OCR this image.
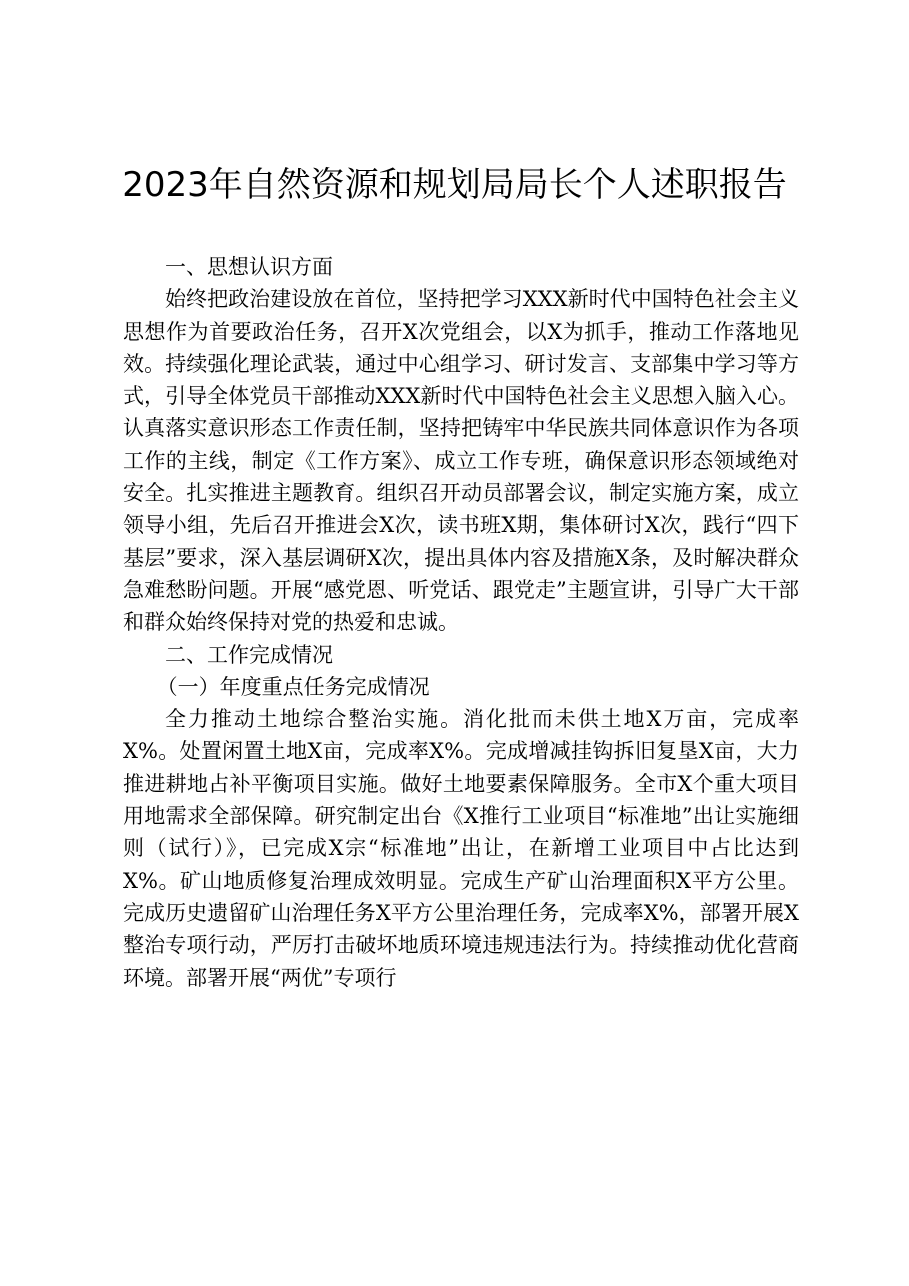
2023年自然资源和规划局局长个人述职报告

一、思想认识方面

始终把政治建设放在首位，坚持把学习XXX新时代中国特色社会主义思想作为首要政治任务，召开X次党组会，以X为抓手，推动工作落地见效。持续强化理论武装，通过中心组学习、研讨发言、支部集中学习等方式，引导全体党员干部推动XXX新时代中国特色社会主义思想入脑入心。认真落实意识形态工作责任制，坚持把铸牢中华民族共同体意识作为各项工作的主线，制定《工作方案》、成立工作专班，确保意识形态领域绝对安全。扎实推进主题教育。组织召开动员部署会议，制定实施方案，成立领导小组，先后召开推进会X次，读书班X期，集体研讨X次，践行“四下基层”要求，深入基层调研X次，提出具体内容及措施X条，及时解决群众急难愁盼问题。开展“感党恩、听党话、跟党走”主题宣讲，引导广大干部和群众始终保持对党的热爱和忠诚。

二、工作完成情况

（一）年度重点任务完成情况

全力推动土地综合整治实施。消化批而未供土地X万亩，完成率X%。处置闲置土地X亩，完成率X%。完成增减挂钩拆旧复垦X亩，大力推进耕地占补平衡项目实施。做好土地要素保障服务。全市X个重大项目用地需求全部保障。研究制定出台《X推行工业项目“标准地”出让实施细则（试行）》，已完成X宗“标准地”出让，在新增工业项目中占比达到X%。矿山地质修复治理成效明显。完成生产矿山治理面积X平方公里。完成历史遗留矿山治理任务X平方公里治理任务，完成率X%，部署开展X整治专项行动，严厉打击破坏地质环境违规违法行为。持续推动优化营商环境。部署开展“两优”专项行
